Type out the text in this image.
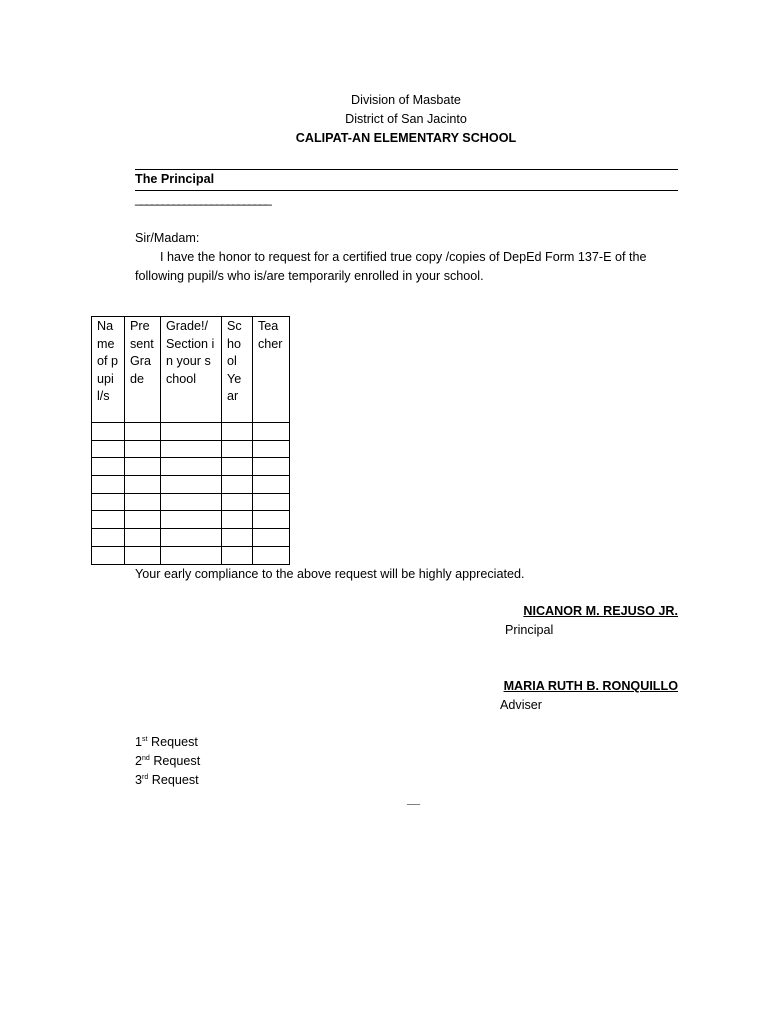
Division of Masbate
District of San Jacinto
CALIPAT-AN ELEMENTARY SCHOOL
The Principal
_________________________
Sir/Madam:
I have the honor to request for a certified true copy /copies of DepEd Form 137-E of the
following pupil/s who is/are temporarily enrolled in your school.
Name of pupil/s	Present Grade	Grade!/ Section in your school	School Year	Teacher

Your early compliance to the above request will be highly appreciated.
NICANOR M. REJUSO JR.
Principal
MARIA RUTH B. RONQUILLO
Adviser
1st Request
2nd Request
3rd Request
__
